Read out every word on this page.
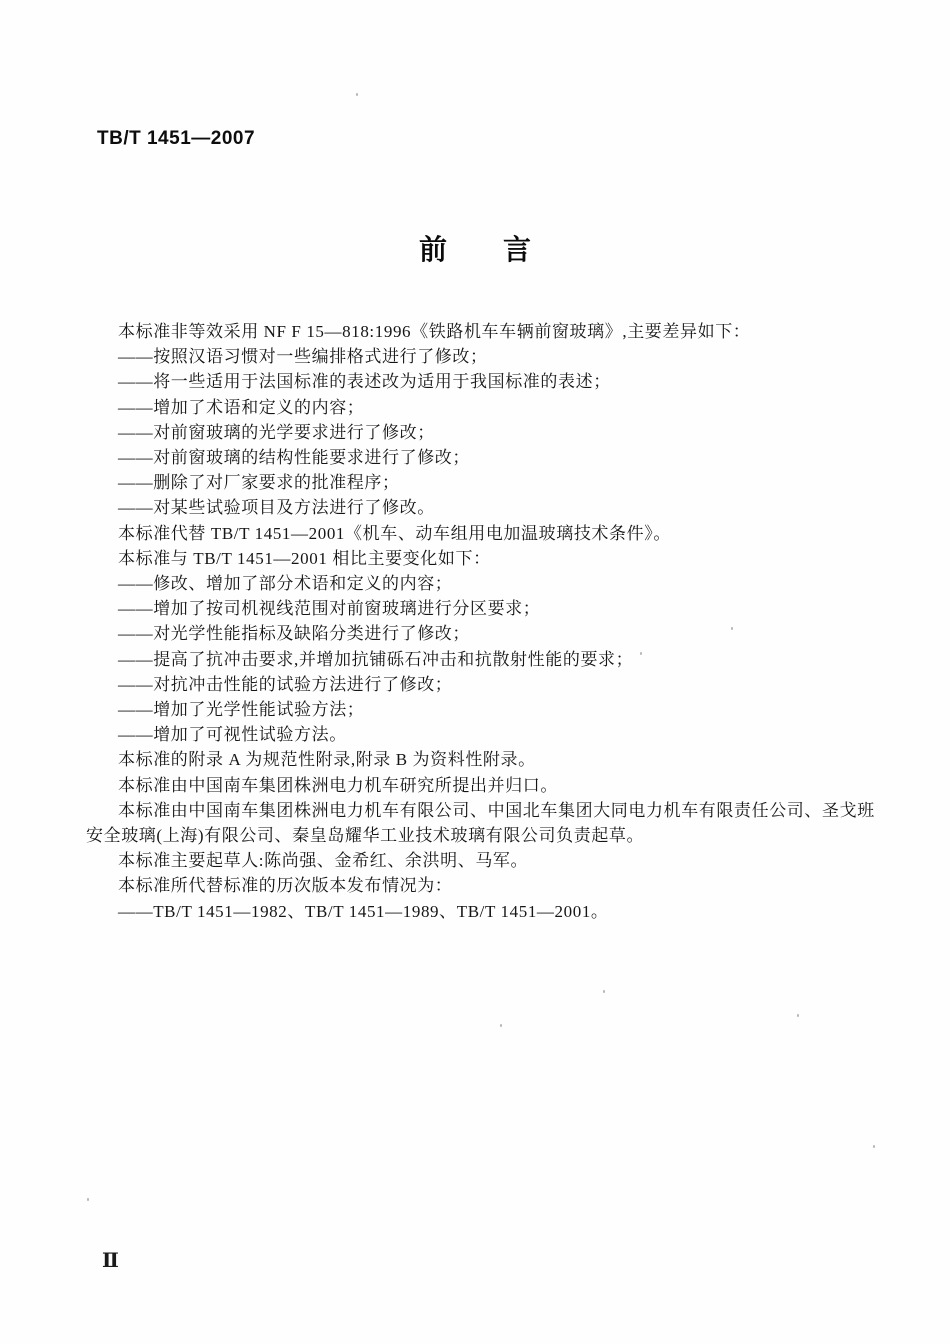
TB/T 1451—2007
前　　言
本标准非等效采用 NF F 15—818:1996《铁路机车车辆前窗玻璃》,主要差异如下：
——按照汉语习惯对一些编排格式进行了修改；
——将一些适用于法国标准的表述改为适用于我国标准的表述；
——增加了术语和定义的内容；
——对前窗玻璃的光学要求进行了修改；
——对前窗玻璃的结构性能要求进行了修改；
——删除了对厂家要求的批准程序；
——对某些试验项目及方法进行了修改。
本标准代替 TB/T 1451—2001《机车、动车组用电加温玻璃技术条件》。
本标准与 TB/T 1451—2001 相比主要变化如下：
——修改、增加了部分术语和定义的内容；
——增加了按司机视线范围对前窗玻璃进行分区要求；
——对光学性能指标及缺陷分类进行了修改；
——提高了抗冲击要求,并增加抗铺砾石冲击和抗散射性能的要求；
——对抗冲击性能的试验方法进行了修改；
——增加了光学性能试验方法；
——增加了可视性试验方法。
本标准的附录 A 为规范性附录,附录 B 为资料性附录。
本标准由中国南车集团株洲电力机车研究所提出并归口。
本标准由中国南车集团株洲电力机车有限公司、中国北车集团大同电力机车有限责任公司、圣戈班
安全玻璃(上海)有限公司、秦皇岛耀华工业技术玻璃有限公司负责起草。
本标准主要起草人:陈尚强、金希红、余洪明、马军。
本标准所代替标准的历次版本发布情况为：
——TB/T 1451—1982、TB/T 1451—1989、TB/T 1451—2001。
Ⅱ
